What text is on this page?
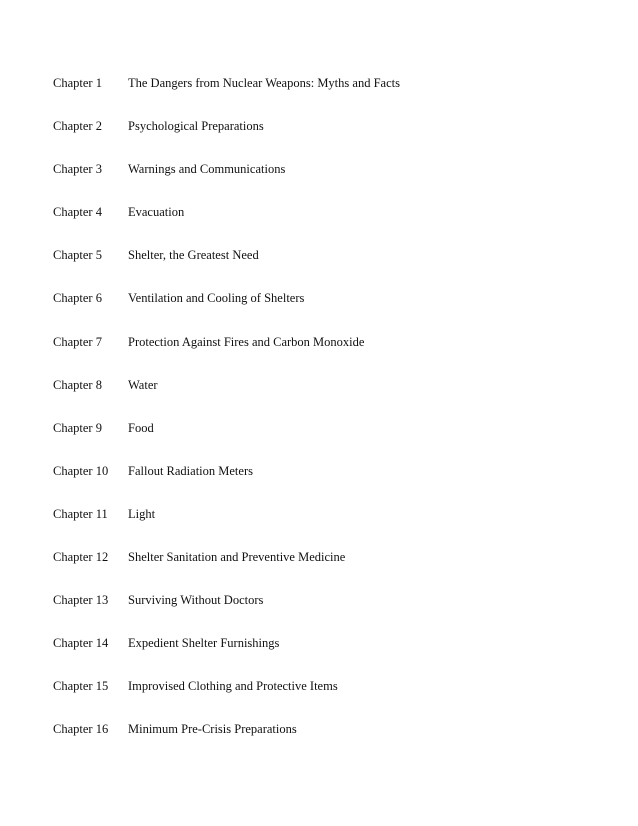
Chapter 1	The Dangers from Nuclear Weapons: Myths and Facts
Chapter 2	Psychological Preparations
Chapter 3	Warnings and Communications
Chapter 4	Evacuation
Chapter 5	Shelter, the Greatest Need
Chapter 6	Ventilation and Cooling of Shelters
Chapter 7	Protection Against Fires and Carbon Monoxide
Chapter 8	Water
Chapter 9	Food
Chapter 10	Fallout Radiation Meters
Chapter 11	Light
Chapter 12	Shelter Sanitation and Preventive Medicine
Chapter 13	Surviving Without Doctors
Chapter 14	Expedient Shelter Furnishings
Chapter 15	Improvised Clothing and Protective Items
Chapter 16	Minimum Pre-Crisis Preparations
